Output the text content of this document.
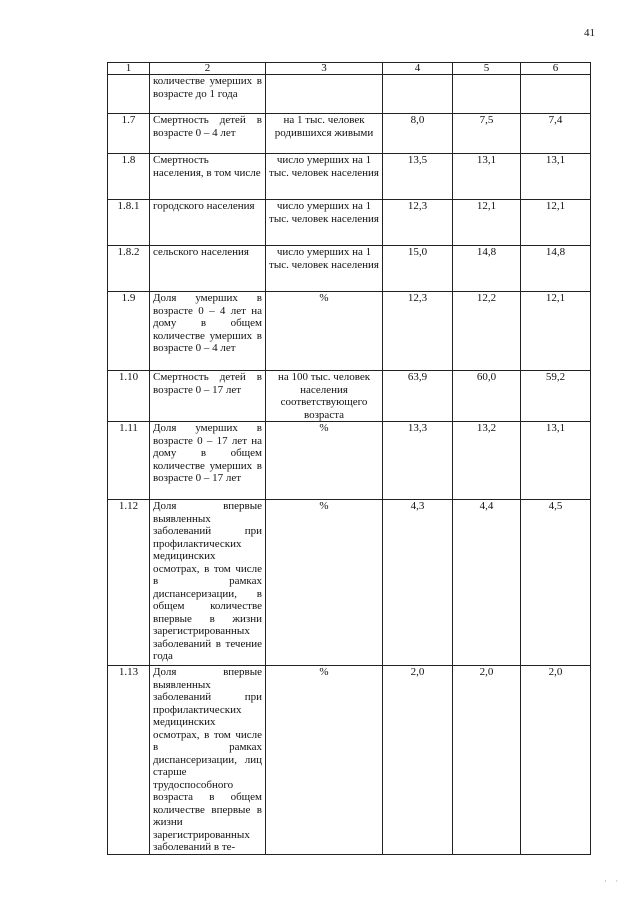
41
1	2	3	4	5	6
	количестве умерших в возрасте до 1 года				
1.7	Смертность детей в возрасте 0 – 4 лет	на 1 тыс. человек родившихся живыми	8,0	7,5	7,4
1.8	Смертность населения, в том числе	число умерших на 1 тыс. человек населения	13,5	13,1	13,1
1.8.1	городского населения	число умерших на 1 тыс. человек населения	12,3	12,1	12,1
1.8.2	сельского населения	число умерших на 1 тыс. человек населения	15,0	14,8	14,8
1.9	Доля умерших в возрасте 0 – 4 лет на дому в общем количестве умерших в возрасте 0 – 4 лет	%	12,3	12,2	12,1
1.10	Смертность детей в возрасте 0 – 17 лет	на 100 тыс. человек населения соответствующего возраста	63,9	60,0	59,2
1.11	Доля умерших в возрасте 0 – 17 лет на дому в общем количестве умерших в возрасте 0 – 17 лет	%	13,3	13,2	13,1
1.12	Доля впервые выявленных заболеваний при профилактических медицинских осмотрах, в том числе в рамках диспансеризации, в общем количестве впервые в жизни зарегистрированных заболеваний в течение года	%	4,3	4,4	4,5
1.13	Доля впервые выявленных заболеваний при профилактических медицинских осмотрах, в том числе в рамках диспансеризации, лиц старше трудоспособного возраста в общем количестве впервые в жизни зарегистрированных заболеваний в те-	%	2,0	2,0	2,0
· ·
